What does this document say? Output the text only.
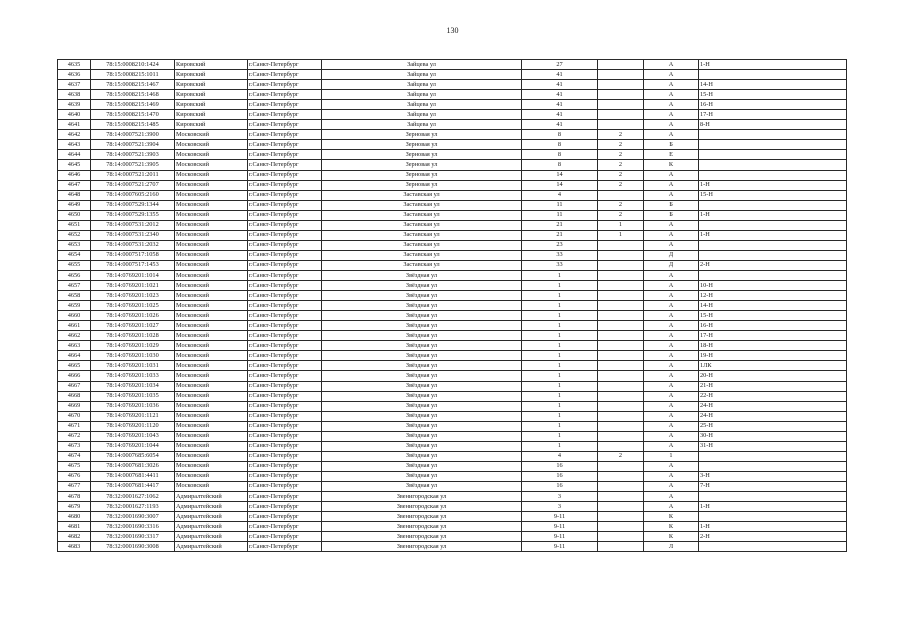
130
4635	78:15:0008210:1424	Кировский	г.Санкт-Петербург	Зайцева ул	27		А	1-Н
4636	78:15:0008215:1011	Кировский	г.Санкт-Петербург	Зайцева ул	41		А	
4637	78:15:0008215:1467	Кировский	г.Санкт-Петербург	Зайцева ул	41		А	14-Н
4638	78:15:0008215:1468	Кировский	г.Санкт-Петербург	Зайцева ул	41		А	15-Н
4639	78:15:0008215:1469	Кировский	г.Санкт-Петербург	Зайцева ул	41		А	16-Н
4640	78:15:0008215:1470	Кировский	г.Санкт-Петербург	Зайцева ул	41		А	17-Н
4641	78:15:0008215:1485	Кировский	г.Санкт-Петербург	Зайцева ул	41		А	8-Н
4642	78:14:0007521:3900	Московский	г.Санкт-Петербург	Зерновая ул	8	2	А	
4643	78:14:0007521:3904	Московский	г.Санкт-Петербург	Зерновая ул	8	2	Б	
4644	78:14:0007521:3903	Московский	г.Санкт-Петербург	Зерновая ул	8	2	Е	
4645	78:14:0007521:3905	Московский	г.Санкт-Петербург	Зерновая ул	8	2	К	
4646	78:14:0007521:2011	Московский	г.Санкт-Петербург	Зерновая ул	14	2	А	
4647	78:14:0007521:2707	Московский	г.Санкт-Петербург	Зерновая ул	14	2	А	1-Н
4648	78:14:0007605:2160	Московский	г.Санкт-Петербург	Заставская ул	4		А	15-Н
4649	78:14:0007529:1344	Московский	г.Санкт-Петербург	Заставская ул	11	2	Б	
4650	78:14:0007529:1355	Московский	г.Санкт-Петербург	Заставская ул	11	2	Б	1-Н
4651	78:14:0007531:2012	Московский	г.Санкт-Петербург	Заставская ул	21	1	А	
4652	78:14:0007531:2340	Московский	г.Санкт-Петербург	Заставская ул	21	1	А	1-Н
4653	78:14:0007531:2032	Московский	г.Санкт-Петербург	Заставская ул	23		А	
4654	78:14:0007517:1058	Московский	г.Санкт-Петербург	Заставская ул	33		Д	
4655	78:14:0007517:1453	Московский	г.Санкт-Петербург	Заставская ул	33		Д	2-Н
4656	78:14:0769201:1014	Московский	г.Санкт-Петербург	Звёздная ул	1		А	
4657	78:14:0769201:1021	Московский	г.Санкт-Петербург	Звёздная ул	1		А	10-Н
4658	78:14:0769201:1023	Московский	г.Санкт-Петербург	Звёздная ул	1		А	12-Н
4659	78:14:0769201:1025	Московский	г.Санкт-Петербург	Звёздная ул	1		А	14-Н
4660	78:14:0769201:1026	Московский	г.Санкт-Петербург	Звёздная ул	1		А	15-Н
4661	78:14:0769201:1027	Московский	г.Санкт-Петербург	Звёздная ул	1		А	16-Н
4662	78:14:0769201:1028	Московский	г.Санкт-Петербург	Звёздная ул	1		А	17-Н
4663	78:14:0769201:1029	Московский	г.Санкт-Петербург	Звёздная ул	1		А	18-Н
4664	78:14:0769201:1030	Московский	г.Санкт-Петербург	Звёздная ул	1		А	19-Н
4665	78:14:0769201:1031	Московский	г.Санкт-Петербург	Звёздная ул	1		А	1ЛК
4666	78:14:0769201:1033	Московский	г.Санкт-Петербург	Звёздная ул	1		А	20-Н
4667	78:14:0769201:1034	Московский	г.Санкт-Петербург	Звёздная ул	1		А	21-Н
4668	78:14:0769201:1035	Московский	г.Санкт-Петербург	Звёздная ул	1		А	22-Н
4669	78:14:0769201:1036	Московский	г.Санкт-Петербург	Звёздная ул	1		А	24-Н
4670	78:14:0769201:1121	Московский	г.Санкт-Петербург	Звёздная ул	1		А	24-Н
4671	78:14:0769201:1120	Московский	г.Санкт-Петербург	Звёздная ул	1		А	25-Н
4672	78:14:0769201:1043	Московский	г.Санкт-Петербург	Звёздная ул	1		А	30-Н
4673	78:14:0769201:1044	Московский	г.Санкт-Петербург	Звёздная ул	1		А	31-Н
4674	78:14:0007685:6054	Московский	г.Санкт-Петербург	Звёздная ул	4	2	1	
4675	78:14:0007681:3026	Московский	г.Санкт-Петербург	Звёздная ул	16		А	
4676	78:14:0007681:4411	Московский	г.Санкт-Петербург	Звёздная ул	16		А	3-Н
4677	78:14:0007681:4417	Московский	г.Санкт-Петербург	Звёздная ул	16		А	7-Н
4678	78:32:0001627:1062	Адмиралтейский	г.Санкт-Петербург	Звенигородская ул	3		А	
4679	78:32:0001627:1193	Адмиралтейский	г.Санкт-Петербург	Звенигородская ул	3		А	1-Н
4680	78:32:0001690:3007	Адмиралтейский	г.Санкт-Петербург	Звенигородская ул	9-11		К	
4681	78:32:0001690:3316	Адмиралтейский	г.Санкт-Петербург	Звенигородская ул	9-11		К	1-Н
4682	78:32:0001690:3317	Адмиралтейский	г.Санкт-Петербург	Звенигородская ул	9-11		К	2-Н
4683	78:32:0001690:3008	Адмиралтейский	г.Санкт-Петербург	Звенигородская ул	9-11		Л	
